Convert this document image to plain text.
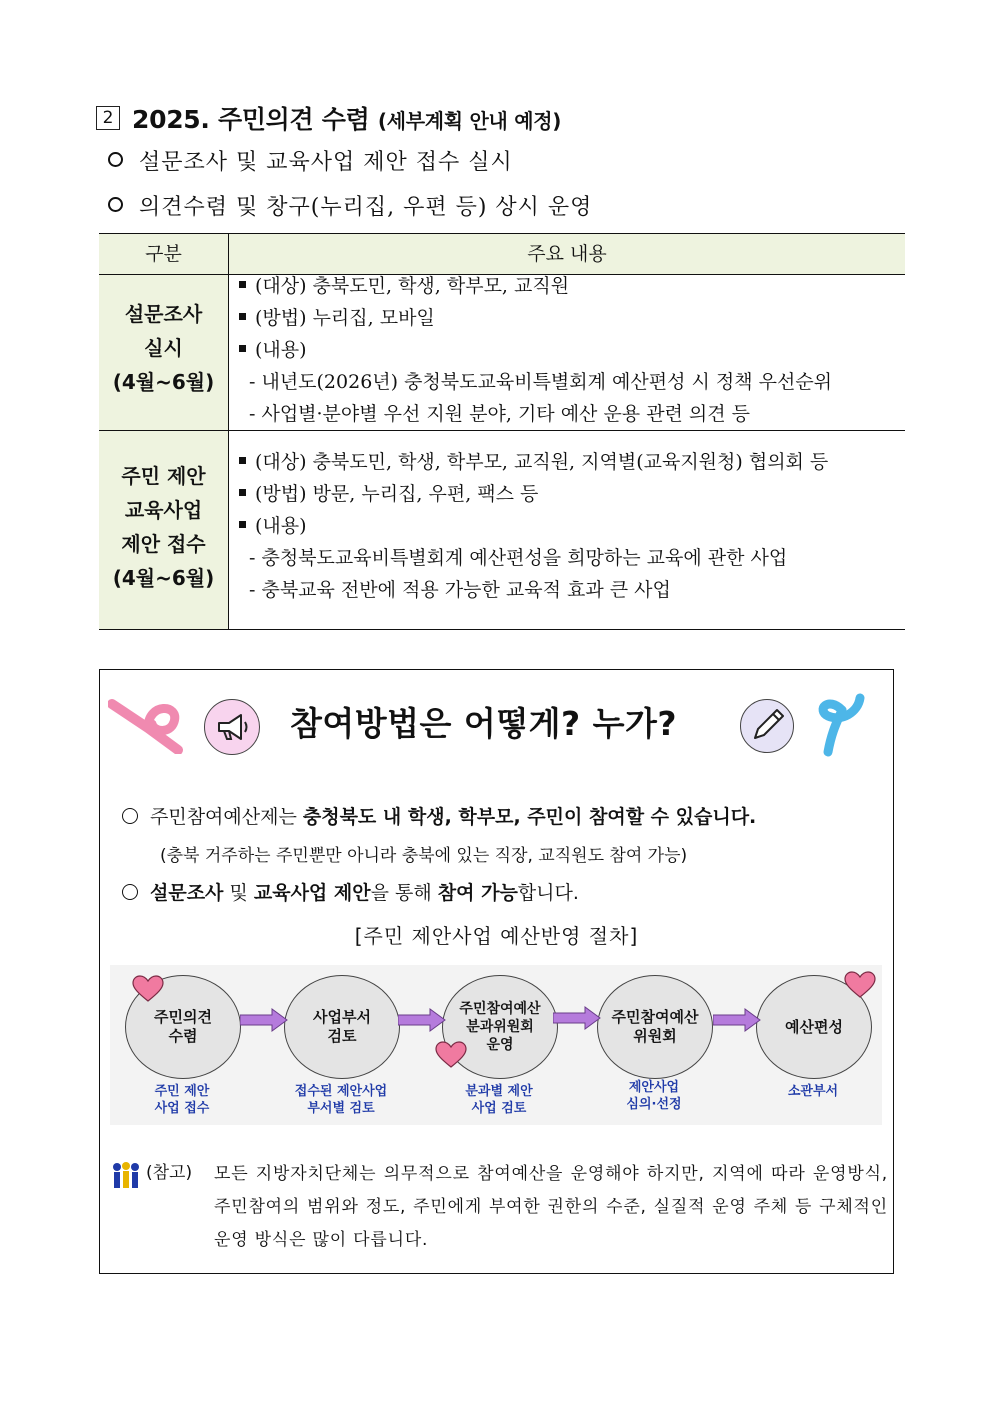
2 2025. 주민의견 수렴 (세부계획 안내 예정)
설문조사 및 교육사업 제안 접수 실시
의견수렴 및 창구(누리집, 우편 등) 상시 운영
구분	주요 내용
설문조사
실시
(4월~6월)
(대상) 충북도민, 학생, 학부모, 교직원
(방법) 누리집, 모바일
(내용)
- 내년도(2026년) 충청북도교육비특별회계 예산편성 시 정책 우선순위
- 사업별·분야별 우선 지원 분야, 기타 예산 운용 관련 의견 등
주민 제안
교육사업
제안 접수
(4월~6월)
(대상) 충북도민, 학생, 학부모, 교직원, 지역별(교육지원청) 협의회 등
(방법) 방문, 누리집, 우편, 팩스 등
(내용)
- 충청북도교육비특별회계 예산편성을 희망하는 교육에 관한 사업
- 충북교육 전반에 적용 가능한 교육적 효과 큰 사업
참여방법은 어떻게? 누가?
주민참여예산제는 충청북도 내 학생, 학부모, 주민이 참여할 수 있습니다.
(충북 거주하는 주민뿐만 아니라 충북에 있는 직장, 교직원도 참여 가능)
설문조사 및 교육사업 제안을 통해 참여 가능합니다.
[주민 제안사업 예산반영 절차]
주민의견
수렴
사업부서
검토
주민참여예산
분과위원회
운영
주민참여예산
위원회
예산편성
주민 제안
사업 접수
접수된 제안사업
부서별 검토
분과별 제안
사업 검토
제안사업
심의·선정
소관부서
(참고) 모든 지방자치단체는 의무적으로 참여예산을 운영해야 하지만, 지역에 따라 운영방식, 주민참여의 범위와 정도, 주민에게 부여한 권한의 수준, 실질적 운영 주체 등 구체적인 운영 방식은 많이 다릅니다.
